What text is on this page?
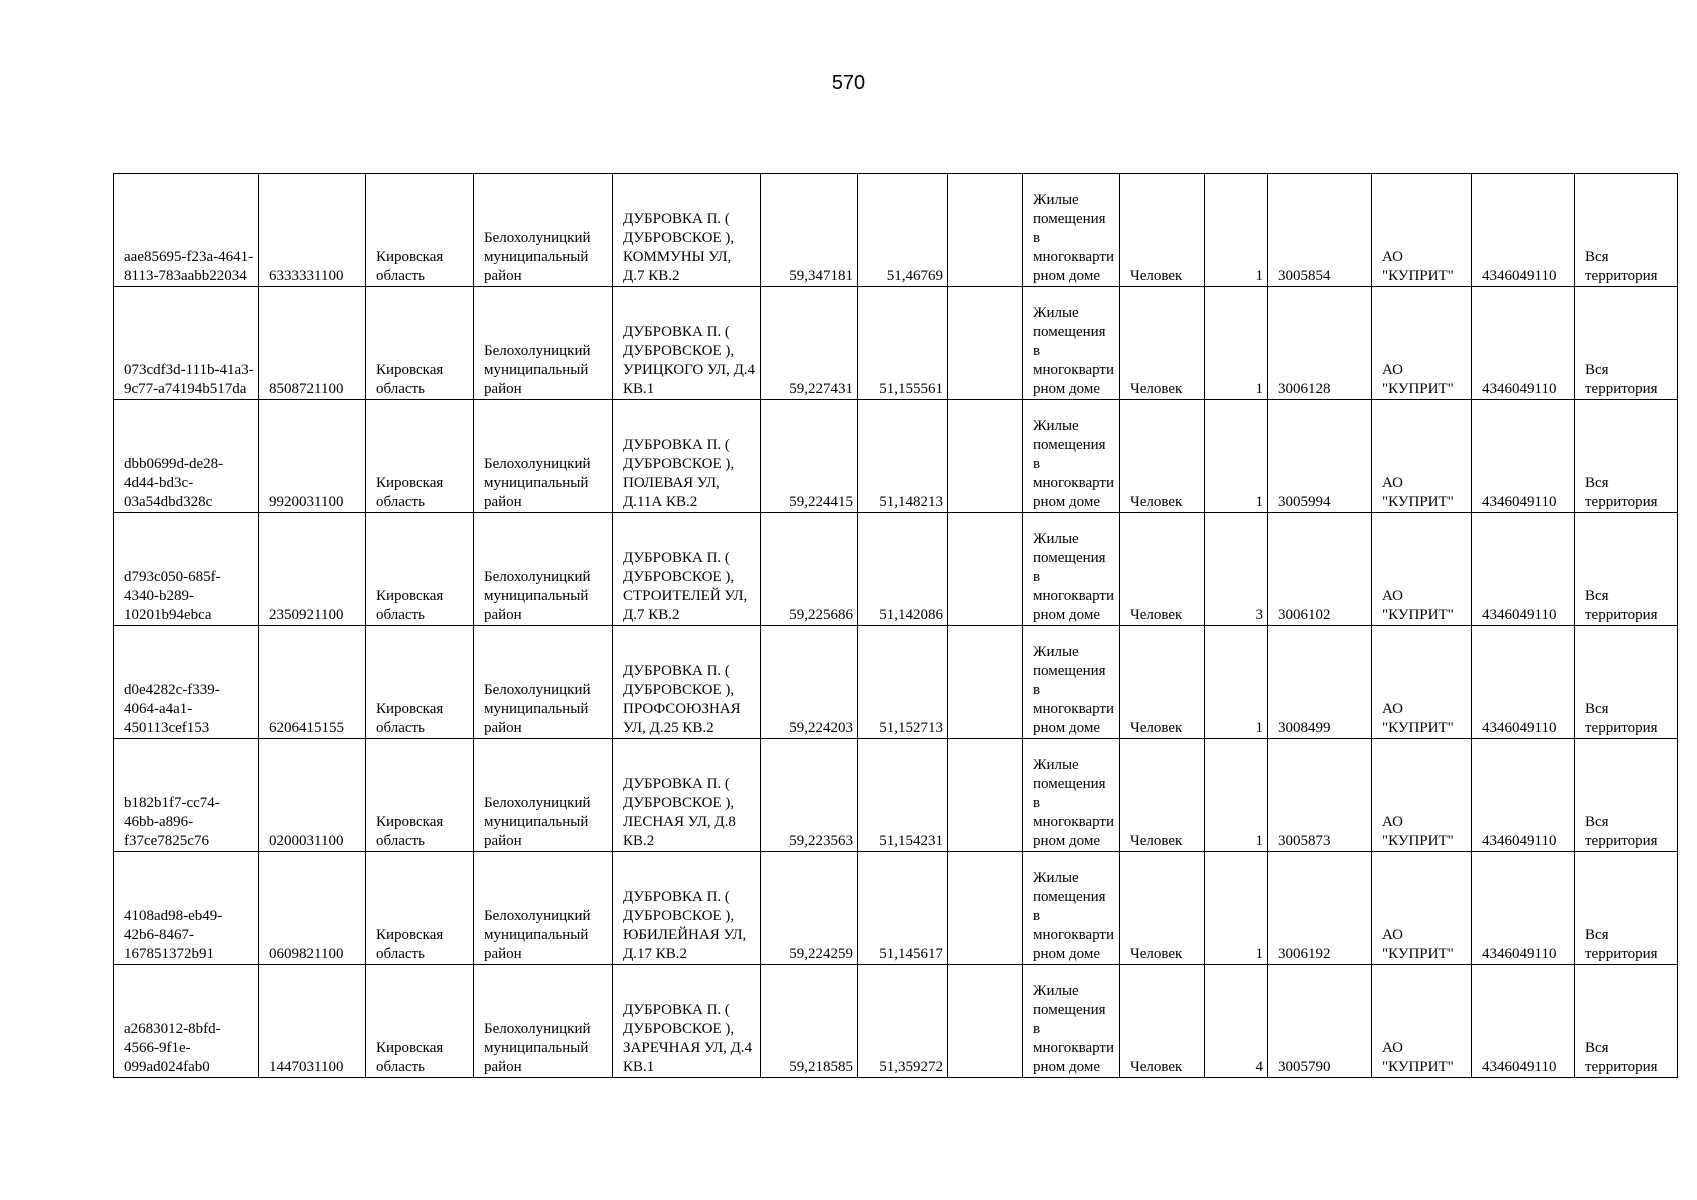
570
aae85695-f23a-4641-8113-783aabb22034	6333331100	Кировская область	Белохолуницкий муниципальный район	ДУБРОВКА П. ( ДУБРОВСКОЕ ), КОММУНЫ УЛ, Д.7 КВ.2	59,347181	51,46769		Жилые помещения в многоквартирном доме	Человек	1	3005854	АО "КУПРИТ"	4346049110	Вся территория
073cdf3d-111b-41a3-9c77-a74194b517da	8508721100	Кировская область	Белохолуницкий муниципальный район	ДУБРОВКА П. ( ДУБРОВСКОЕ ), УРИЦКОГО УЛ, Д.4 КВ.1	59,227431	51,155561		Жилые помещения в многоквартирном доме	Человек	1	3006128	АО "КУПРИТ"	4346049110	Вся территория
dbb0699d-de28-4d44-bd3c-03a54dbd328c	9920031100	Кировская область	Белохолуницкий муниципальный район	ДУБРОВКА П. ( ДУБРОВСКОЕ ), ПОЛЕВАЯ УЛ, Д.11А КВ.2	59,224415	51,148213		Жилые помещения в многоквартирном доме	Человек	1	3005994	АО "КУПРИТ"	4346049110	Вся территория
d793c050-685f-4340-b289-10201b94ebca	2350921100	Кировская область	Белохолуницкий муниципальный район	ДУБРОВКА П. ( ДУБРОВСКОЕ ), СТРОИТЕЛЕЙ УЛ, Д.7 КВ.2	59,225686	51,142086		Жилые помещения в многоквартирном доме	Человек	3	3006102	АО "КУПРИТ"	4346049110	Вся территория
d0e4282c-f339-4064-a4a1-450113cef153	6206415155	Кировская область	Белохолуницкий муниципальный район	ДУБРОВКА П. ( ДУБРОВСКОЕ ), ПРОФСОЮЗНАЯ УЛ, Д.25 КВ.2	59,224203	51,152713		Жилые помещения в многоквартирном доме	Человек	1	3008499	АО "КУПРИТ"	4346049110	Вся территория
b182b1f7-cc74-46bb-a896-f37ce7825c76	0200031100	Кировская область	Белохолуницкий муниципальный район	ДУБРОВКА П. ( ДУБРОВСКОЕ ), ЛЕСНАЯ УЛ, Д.8 КВ.2	59,223563	51,154231		Жилые помещения в многоквартирном доме	Человек	1	3005873	АО "КУПРИТ"	4346049110	Вся территория
4108ad98-eb49-42b6-8467-167851372b91	0609821100	Кировская область	Белохолуницкий муниципальный район	ДУБРОВКА П. ( ДУБРОВСКОЕ ), ЮБИЛЕЙНАЯ УЛ, Д.17 КВ.2	59,224259	51,145617		Жилые помещения в многоквартирном доме	Человек	1	3006192	АО "КУПРИТ"	4346049110	Вся территория
a2683012-8bfd-4566-9f1e-099ad024fab0	1447031100	Кировская область	Белохолуницкий муниципальный район	ДУБРОВКА П. ( ДУБРОВСКОЕ ), ЗАРЕЧНАЯ УЛ, Д.4 КВ.1	59,218585	51,359272		Жилые помещения в многоквартирном доме	Человек	4	3005790	АО "КУПРИТ"	4346049110	Вся территория
